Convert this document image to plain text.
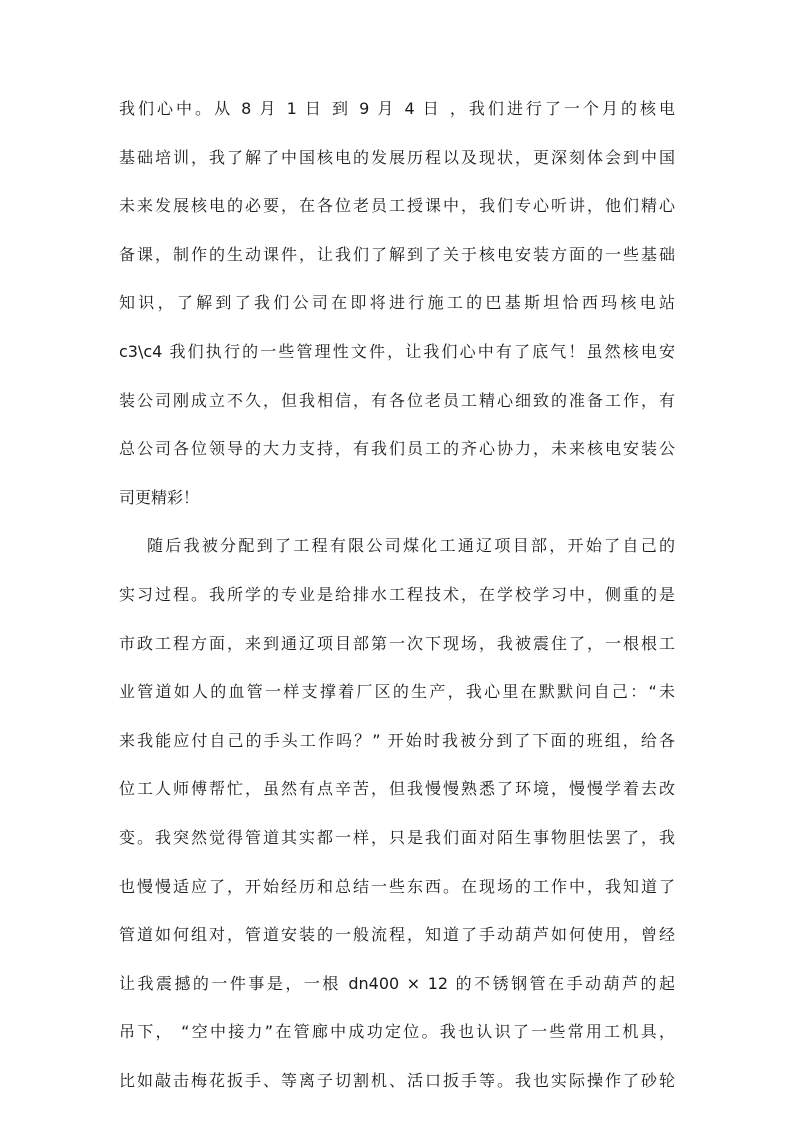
我们心中。从 8 月 1 日 到 9 月 4 日 ，我们进行了一个月的核电
基础培训，我了解了中国核电的发展历程以及现状，更深刻体会到中国
未来发展核电的必要，在各位老员工授课中，我们专心听讲，他们精心
备课，制作的生动课件，让我们了解到了关于核电安装方面的一些基础
知识，了解到了我们公司在即将进行施工的巴基斯坦恰西玛核电站
c3\c4 我们执行的一些管理性文件，让我们心中有了底气！虽然核电安
装公司刚成立不久，但我相信，有各位老员工精心细致的准备工作，有
总公司各位领导的大力支持，有我们员工的齐心协力，未来核电安装公
司更精彩！
随后我被分配到了工程有限公司煤化工通辽项目部，开始了自己的
实习过程。我所学的专业是给排水工程技术，在学校学习中，侧重的是
市政工程方面，来到通辽项目部第一次下现场，我被震住了，一根根工
业管道如人的血管一样支撑着厂区的生产，我心里在默默问自己：“未
来我能应付自己的手头工作吗？” 开始时我被分到了下面的班组，给各
位工人师傅帮忙，虽然有点辛苦，但我慢慢熟悉了环境，慢慢学着去改
变。我突然觉得管道其实都一样，只是我们面对陌生事物胆怯罢了，我
也慢慢适应了，开始经历和总结一些东西。在现场的工作中，我知道了
管道如何组对，管道安装的一般流程，知道了手动葫芦如何使用，曾经
让我震撼的一件事是，一根 dn400 × 12 的不锈钢管在手动葫芦的起
吊下， “空中接力”在管廊中成功定位。我也认识了一些常用工机具，
比如敲击梅花扳手、等离子切割机、活口扳手等。我也实际操作了砂轮
